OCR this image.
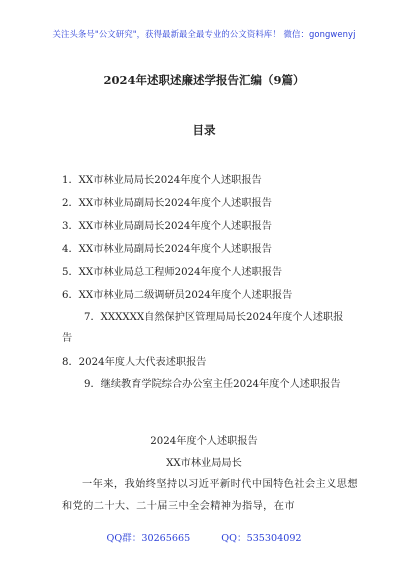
关注头条号"公文研究"，获得最新最全最专业的公文资料库！ 微信：gongwenyj
2024年述职述廉述学报告汇编（9篇）
目录
1．XX市林业局局长2024年度个人述职报告
2．XX市林业局副局长2024年度个人述职报告
3．XX市林业局副局长2024年度个人述职报告
4．XX市林业局副局长2024年度个人述职报告
5．XX市林业局总工程师2024年度个人述职报告
6．XX市林业局二级调研员2024年度个人述职报告
7．XXXXXX自然保护区管理局局长2024年度个人述职报告
8．2024年度人大代表述职报告
9．继续教育学院综合办公室主任2024年度个人述职报告
2024年度个人述职报告
XX市林业局局长
一年来，我始终坚持以习近平新时代中国特色社会主义思想和党的二十大、二十届三中全会精神为指导，在市
QQ群：30265665	QQ：535304092
